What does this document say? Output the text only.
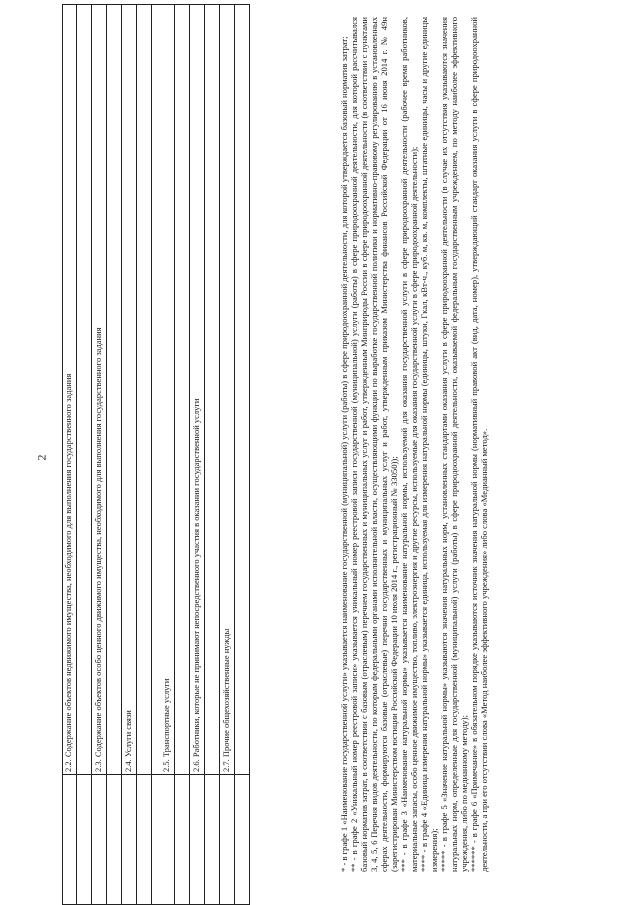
2 2.2. Содержание объектов недвижимого имущества, необходимого для выполнения государственного задания 2.3. Содержание объектов особо ценного движимого имущества, необходимого для выполнения государственного задания 2.4. Услуги связи	2.5. Транспортные услуги 2.6. Работники, которые не принимают непосредственного участия в оказании государственной услуги 2.7. Прочие общехозяйственные нужды	* - в графе 1 «Наименование государственной услуги» указывается наименование государственной (муниципальной) услуги (работы) в сфере природоохранной деятельности, для которой утверждается базовый норматив затрат; ** - в графе 2 «Уникальный номер реестровой записи» указывается уникальный номер реестровой записи государственной (муниципальной) услуги (работы) в сфере природоохранной деятельности, для которой рассчитывался базовый норматив затрат, в соответствии с базовым (отраслевым) перечнем государственных и муниципальных услуг и работ, утвержденным Минприроды России в сфере природоохранной деятельности (в соответствии с пунктами 3, 4, 5, 6 Перечня видов деятельности, по которым федеральными органами исполнительной власти, осуществляющими функции по выработке государственной политики и нормативно-правовому регулированию в установленных сферах деятельности, формируются базовые (отраслевые) перечни государственных и муниципальных услуг и работ, утвержденным приказом Министерства финансов Российской Федерации от 16 июня 2014 г. № 49н (зарегистрирован Министерством юстиции Российской Федерации 10 июля 2014 г., регистрационный № 33050)); *** - в графе 3 «Наименование натуральной нормы» указывается наименование натуральной нормы, используемой для оказания государственной услуги в сфере природоохранной деятельности (рабочее время работников, материальные запасы, особо ценное движимое имущество, топливо, электроэнергия и другие ресурсы, используемые для оказания государственной услуги в сфере природоохранной деятельности); **** - в графе 4 «Единица измерения натуральной нормы» указывается единица, используемая для измерения натуральной нормы (единицы, штуки, Гкал, кВт-ч., куб. м, кв. м, комплекты, штатные единицы, часы и другие единицы измерения); ***** - в графе 5 «Значение натуральной нормы» указываются значения натуральных норм, установленных стандартами оказания услуги в сфере природоохранной деятельности (в случае их отсутствия указываются значения натуральных норм, определенные для государственной (муниципальной) услуги (работы) в сфере природоохранной деятельности, оказываемой федеральным государственным учреждением, по методу наиболее эффективного учреждения, либо по медианному методу); ****** - в графе 6 «Примечание» в обязательном порядке указываются источник значения натуральной нормы (нормативный правовой акт (вид, дата, номер), утверждающий стандарт оказания услуги в сфере природоохранной деятельности, а при его отсутствии слова «Метод наиболее эффективного учреждения» либо слова «Медианный метод».
